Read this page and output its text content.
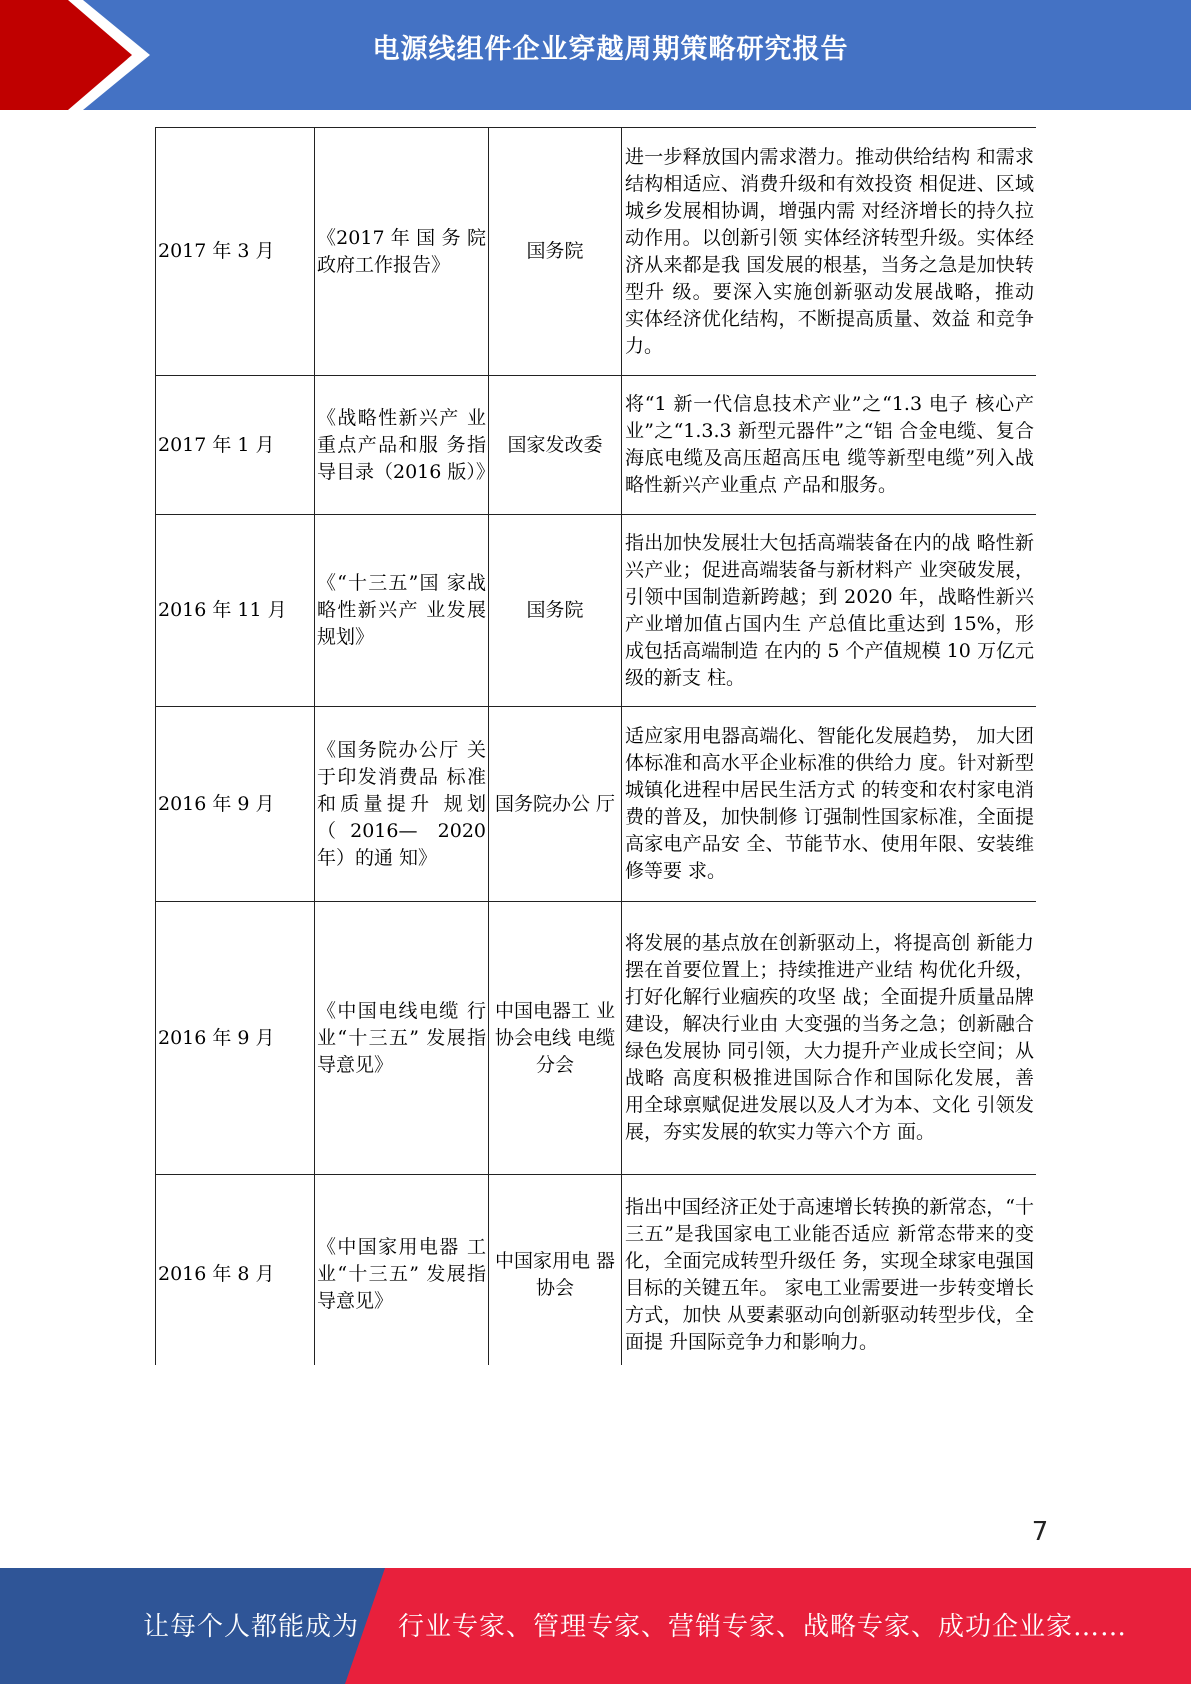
电源线组件企业穿越周期策略研究报告
2017 年 3 月	《2017 年 国 务 院 政府工作报告》	国务院	进一步释放国内需求潜力。推动供给结构 和需求结构相适应、消费升级和有效投资 相促进、区域城乡发展相协调，增强内需 对经济增长的持久拉动作用。以创新引领 实体经济转型升级。实体经济从来都是我 国发展的根基，当务之急是加快转型升 级。要深入实施创新驱动发展战略，推动 实体经济优化结构，不断提高质量、效益 和竞争力。
2017 年 1 月	《战略性新兴产 业重点产品和服 务指导目录（2016 版）》	国家发改委	将“1 新一代信息技术产业”之“1.3 电子 核心产业”之“1.3.3 新型元器件”之“铝 合金电缆、复合海底电缆及高压超高压电 缆等新型电缆”列入战略性新兴产业重点 产品和服务。
2016 年 11 月	《“十三五”国 家战略性新兴产 业发展规划》	国务院	指出加快发展壮大包括高端装备在内的战 略性新兴产业；促进高端装备与新材料产 业突破发展，引领中国制造新跨越；到 2020 年，战略性新兴产业增加值占国内生 产总值比重达到 15%，形成包括高端制造 在内的 5 个产值规模 10 万亿元级的新支 柱。
2016 年 9 月	《国务院办公厅 关于印发消费品 标准和质量提升 规划（2016— 2020 年）的通 知》	国务院办公 厅	适应家用电器高端化、智能化发展趋势， 加大团体标准和高水平企业标准的供给力 度。针对新型城镇化进程中居民生活方式 的转变和农村家电消费的普及，加快制修 订强制性国家标准，全面提高家电产品安 全、节能节水、使用年限、安装维修等要 求。
2016 年 9 月	《中国电线电缆 行业“十三五” 发展指导意见》	中国电器工 业协会电线 电缆分会	将发展的基点放在创新驱动上，将提高创 新能力摆在首要位置上；持续推进产业结 构优化升级，打好化解行业痼疾的攻坚 战；全面提升质量品牌建设，解决行业由 大变强的当务之急；创新融合绿色发展协 同引领，大力提升产业成长空间；从战略 高度积极推进国际合作和国际化发展，善 用全球禀赋促进发展以及人才为本、文化 引领发展，夯实发展的软实力等六个方 面。
2016 年 8 月	《中国家用电器 工业“十三五” 发展指导意见》	中国家用电 器协会	指出中国经济正处于高速增长转换的新常态，“十三五”是我国家电工业能否适应 新常态带来的变化，全面完成转型升级任 务，实现全球家电强国目标的关键五年。 家电工业需要进一步转变增长方式，加快 从要素驱动向创新驱动转型步伐，全面提 升国际竞争力和影响力。
7
让每个人都能成为 行业专家、管理专家、营销专家、战略专家、成功企业家……
